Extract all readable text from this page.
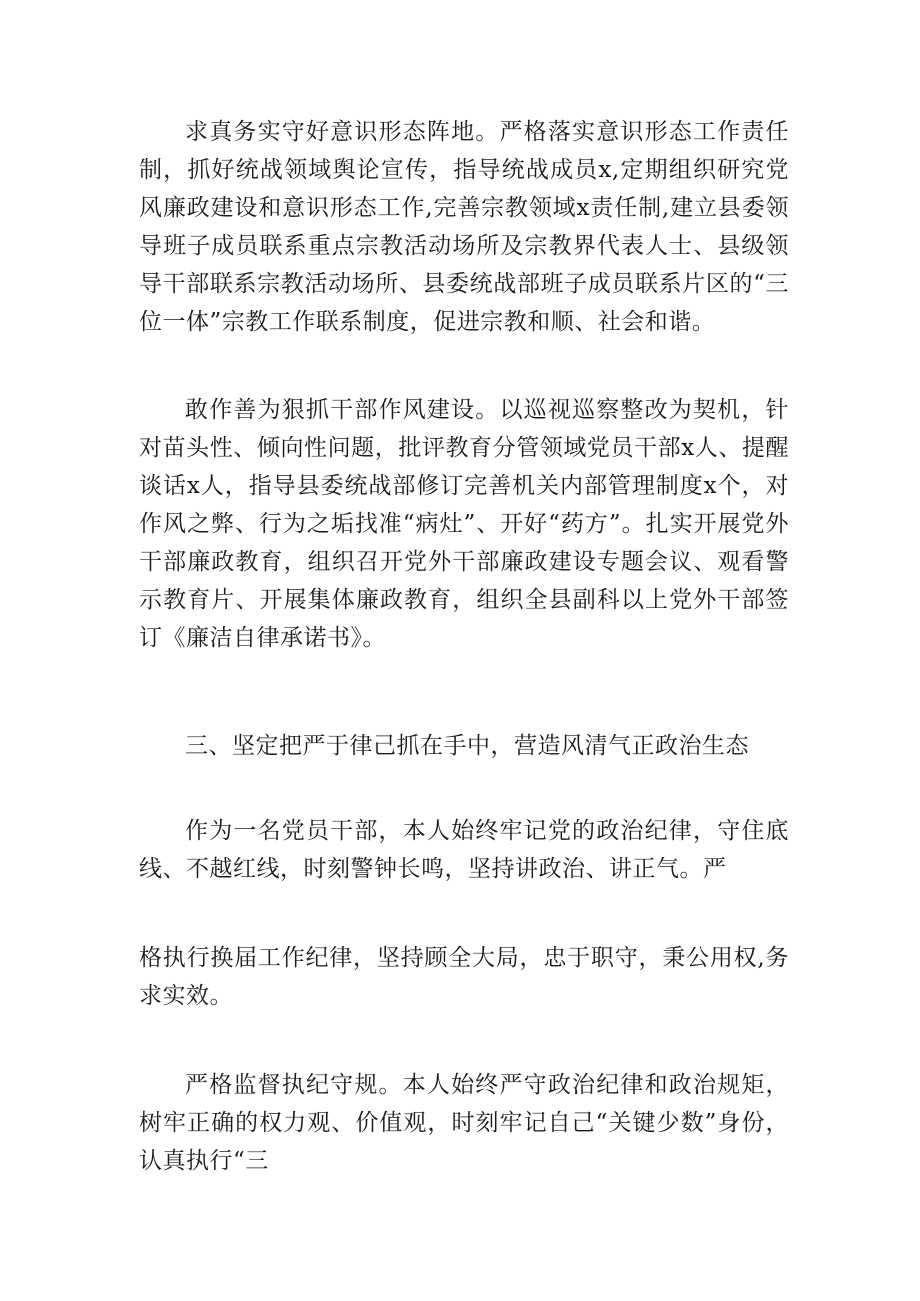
求真务实守好意识形态阵地。严格落实意识形态工作责任制，抓好统战领域舆论宣传，指导统战成员x,定期组织研究党风廉政建设和意识形态工作,完善宗教领域x责任制,建立县委领导班子成员联系重点宗教活动场所及宗教界代表人士、县级领导干部联系宗教活动场所、县委统战部班子成员联系片区的“三位一体”宗教工作联系制度，促进宗教和顺、社会和谐。

敢作善为狠抓干部作风建设。以巡视巡察整改为契机，针对苗头性、倾向性问题，批评教育分管领域党员干部x人、提醒谈话x人，指导县委统战部修订完善机关内部管理制度x个，对作风之弊、行为之垢找准“病灶”、开好“药方”。扎实开展党外干部廉政教育，组织召开党外干部廉政建设专题会议、观看警示教育片、开展集体廉政教育，组织全县副科以上党外干部签订《廉洁自律承诺书》。

三、坚定把严于律己抓在手中，营造风清气正政治生态

作为一名党员干部，本人始终牢记党的政治纪律，守住底线、不越红线，时刻警钟长鸣，坚持讲政治、讲正气。严

格执行换届工作纪律，坚持顾全大局，忠于职守，秉公用权,务求实效。

严格监督执纪守规。本人始终严守政治纪律和政治规矩，树牢正确的权力观、价值观，时刻牢记自己“关键少数”身份，认真执行“三
